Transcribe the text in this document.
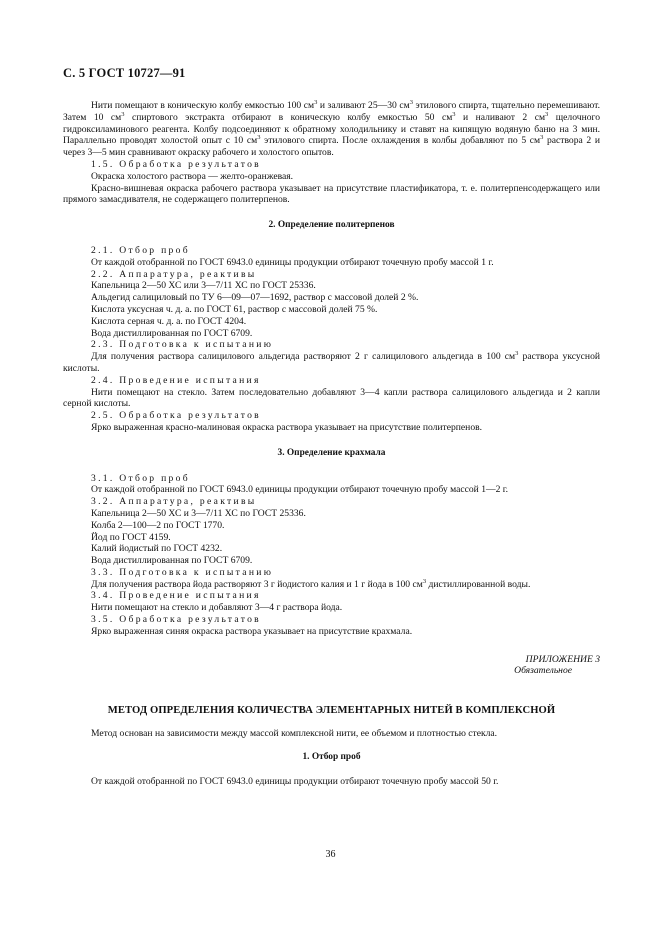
С. 5 ГОСТ 10727—91

Нити помещают в коническую колбу емкостью 100 $см^3$ и заливают 25—30 $см^3$ этилового спирта, тщательно перемешивают. Затем 10 $см^3$ спиртового экстракта отбирают в коническую колбу емкостью 50 $см^3$ и наливают 2 $см^3$ щелочного гидроксиламинового реагента. Колбу подсоединяют к обратному холодильнику и ставят на кипящую водяную баню на 3 мин. Параллельно проводят холостой опыт с 10 $см^3$ этилового спирта. После охлаждения в колбы добавляют по 5 $см^3$ раствора 2 и через 3—5 мин сравнивают окраску рабочего и холостого опытов.

1.5. Обработка результатов

Окраска холостого раствора — желто-оранжевая.

Красно-вишневая окраска рабочего раствора указывает на присутствие пластификатора, т. е. политерпенсодержащего или прямого замасдивателя, не содержащего политерпенов.

2. Определение политерпенов

2.1. Отбор проб

От каждой отобранной по ГОСТ 6943.0 единицы продукции отбирают точечную пробу массой 1 г.

2.2. Аппаратура, реактивы

Капельница 2—50 ХС или 3—7/11 ХС по ГОСТ 25336.

Альдегид салициловый по ТУ 6—09—07—1692, раствор с массовой долей 2 %.

Кислота уксусная ч. д. а. по ГОСТ 61, раствор с массовой долей 75 %.

Кислота серная ч. д. а. по ГОСТ 4204.

Вода дистиллированная по ГОСТ 6709.

2.3. Подготовка к испытанию

Для получения раствора салицилового альдегида растворяют 2 г салицилового альдегида в 100 $см^3$ раствора уксусной кислоты.

2.4. Проведение испытания

Нити помещают на стекло. Затем последовательно добавляют 3—4 капли раствора салицилового альдегида и 2 капли серной кислоты.

2.5. Обработка результатов

Ярко выраженная красно-малиновая окраска раствора указывает на присутствие политерпенов.

3. Определение крахмала

3.1. Отбор проб

От каждой отобранной по ГОСТ 6943.0 единицы продукции отбирают точечную пробу массой 1—2 г.

3.2. Аппаратура, реактивы

Капельница 2—50 ХС и 3—7/11 ХС по ГОСТ 25336.

Колба 2—100—2 по ГОСТ 1770.

Йод по ГОСТ 4159.

Калий йодистый по ГОСТ 4232.

Вода дистиллированная по ГОСТ 6709.

3.3. Подготовка к испытанию

Для получения раствора йода растворяют 3 г йодистого калия и 1 г йода в 100 $см^3$ дистиллированной воды.

3.4. Проведение испытания

Нити помещают на стекло и добавляют 3—4 г раствора йода.

3.5. Обработка результатов

Ярко выраженная синяя окраска раствора указывает на присутствие крахмала.

ПРИЛОЖЕНИЕ 3

Обязательное

МЕТОД ОПРЕДЕЛЕНИЯ КОЛИЧЕСТВА ЭЛЕМЕНТАРНЫХ НИТЕЙ В КОМПЛЕКСНОЙ

Метод основан на зависимости между массой комплексной нити, ее объемом и плотностью стекла.

1. Отбор проб

От каждой отобранной по ГОСТ 6943.0 единицы продукции отбирают точечную пробу массой 50 г.

36
